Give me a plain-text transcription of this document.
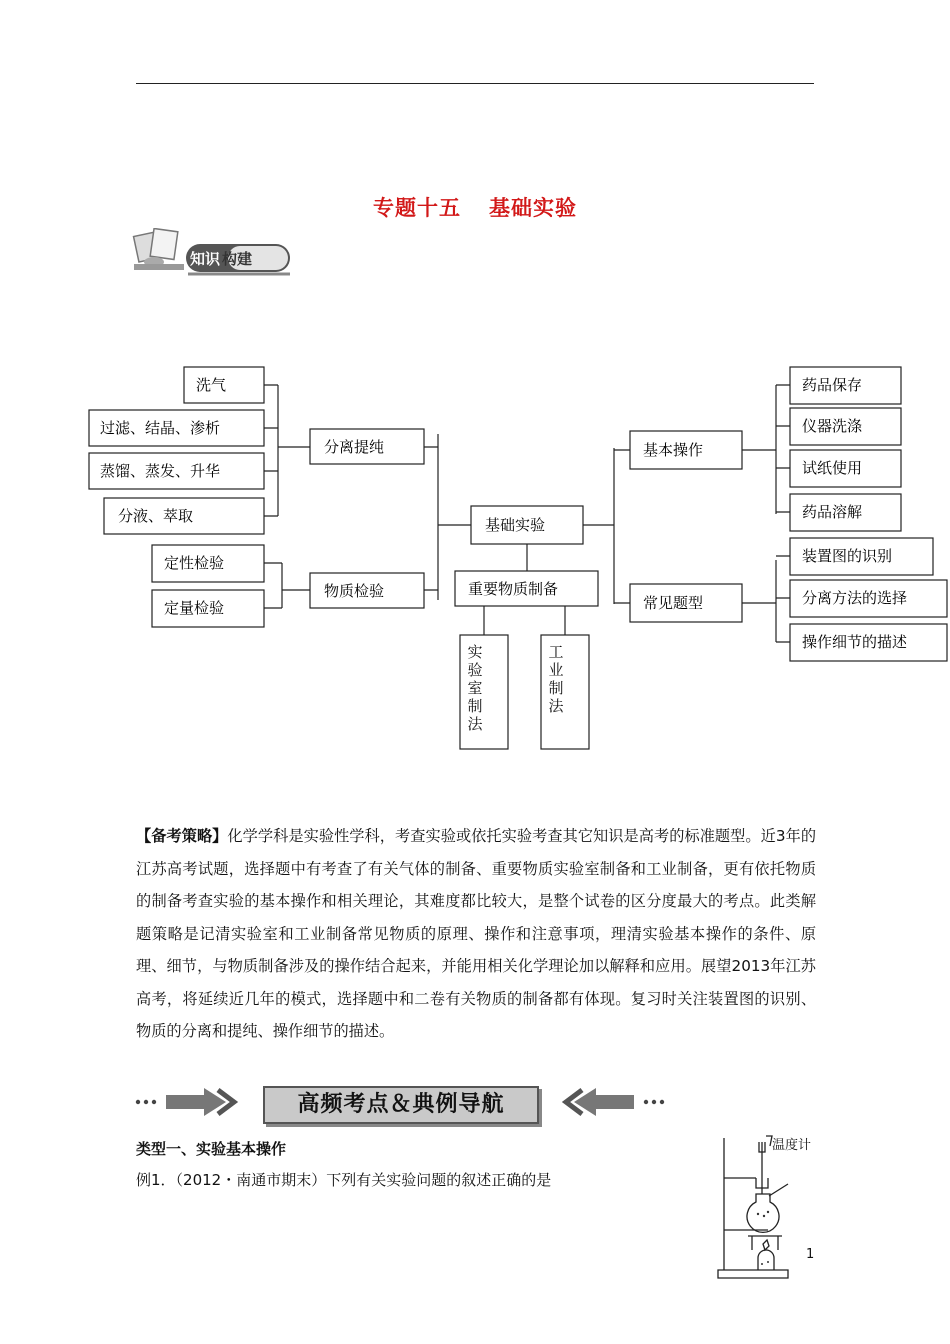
专题十五 基础实验
知识 构建
洗气
过滤、结晶、渗析
蒸馏、蒸发、升华
分液、萃取
分离提纯
定性检验
定量检验
物质检验
基础实验
重要物质制备
基本操作
常见题型
药品保存
仪器洗涤
试纸使用
药品溶解
装置图的识别
分离方法的选择
操作细节的描述
实验室制法
工业制法
【备考策略】化学学科是实验性学科，考查实验或依托实验考查其它知识是高考的标准题型。近3年的江苏高考试题，选择题中有考查了有关气体的制备、重要物质实验室制备和工业制备，更有依托物质的制备考查实验的基本操作和相关理论，其难度都比较大，是整个试卷的区分度最大的考点。此类解题策略是记清实验室和工业制备常见物质的原理、操作和注意事项，理清实验基本操作的条件、原理、细节，与物质制备涉及的操作结合起来，并能用相关化学理论加以解释和应用。展望2013年江苏高考，将延续近几年的模式，选择题中和二卷有关物质的制备都有体现。复习时关注装置图的识别、物质的分离和提纯、操作细节的描述。
高频考点＆典例导航
类型一、实验基本操作
例1．（2012・南通市期末）下列有关实验问题的叙述正确的是
温度计
1
